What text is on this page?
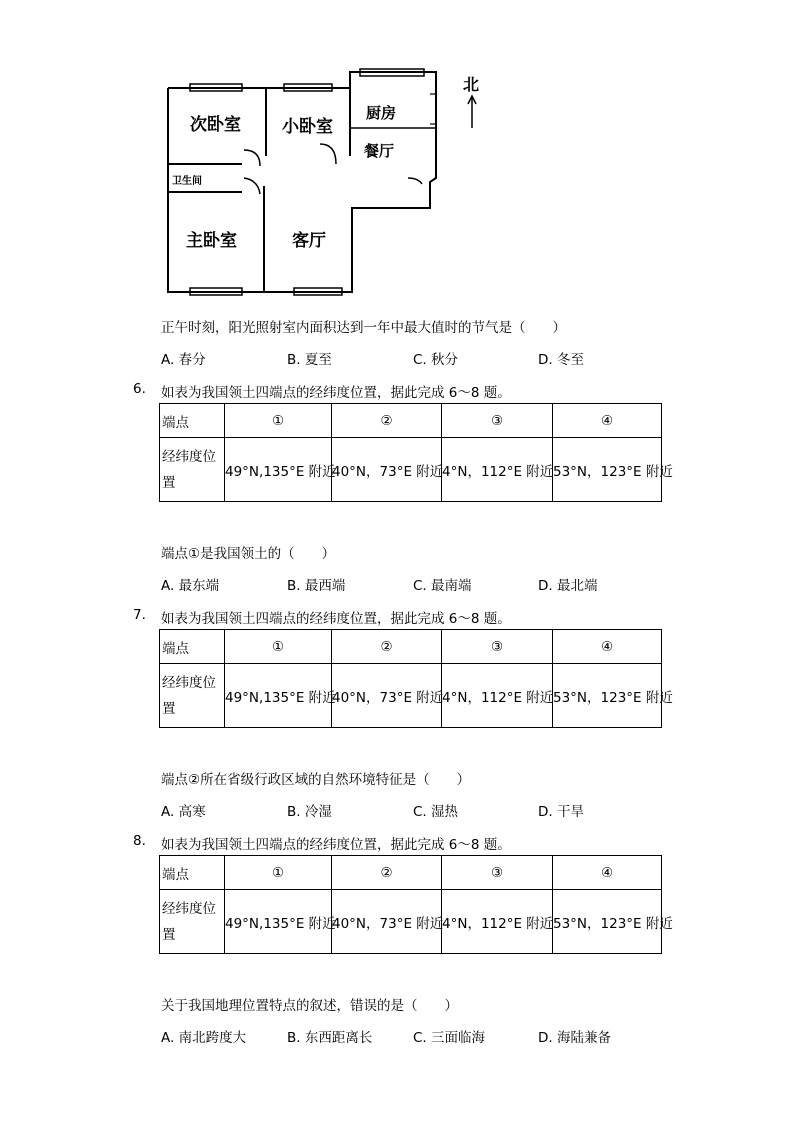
次卧室 小卧室
厨房
餐厅
卫生间
主卧室	客厅
北
正午时刻，阳光照射室内面积达到一年中最大值时的节气是（　　）
A. 春分	B. 夏至	C. 秋分	D. 冬至
6. 如表为我国领土四端点的经纬度位置，据此完成 6～8 题。
端点	①	②	③	④

经纬度位
置	49°N,135°E 附近	40°N，73°E 附近	4°N，112°E 附近	53°N，123°E 附近
端点①是我国领土的（　　）
A. 最东端	B. 最西端	C. 最南端	D. 最北端
7. 如表为我国领土四端点的经纬度位置，据此完成 6～8 题。
端点	①	②	③	④

经纬度位
置	49°N,135°E 附近	40°N，73°E 附近	4°N，112°E 附近	53°N，123°E 附近
端点②所在省级行政区域的自然环境特征是（　　）
A. 高寒	B. 冷湿	C. 湿热	D. 干旱
8. 如表为我国领土四端点的经纬度位置，据此完成 6～8 题。
端点	①	②	③	④

经纬度位
置	49°N,135°E 附近	40°N，73°E 附近	4°N，112°E 附近	53°N，123°E 附近
关于我国地理位置特点的叙述，错误的是（　　）
A. 南北跨度大	B. 东西距离长	C. 三面临海	D. 海陆兼备
